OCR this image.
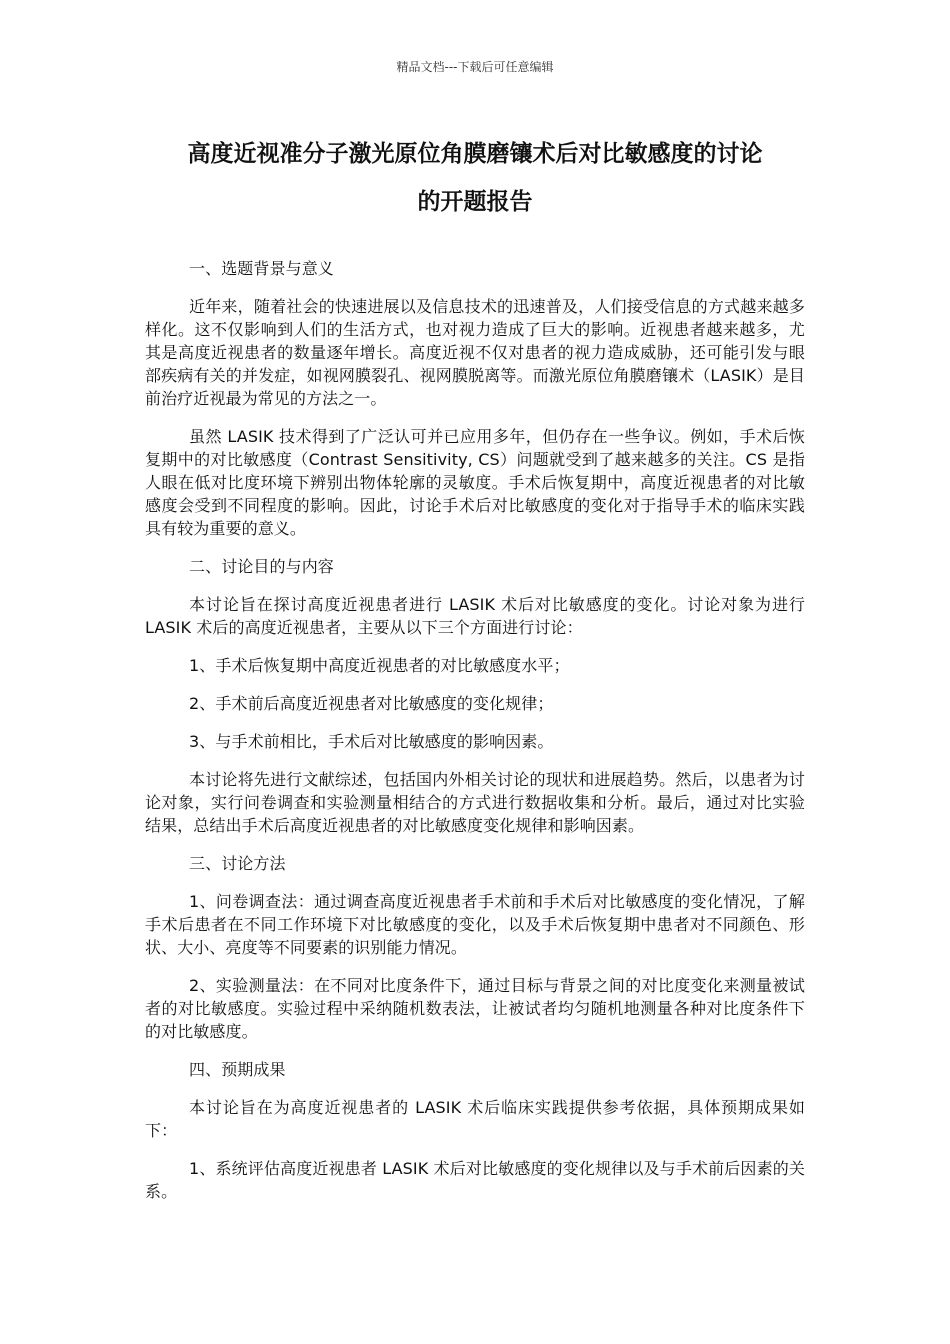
精品文档---下载后可任意编辑
高度近视准分子激光原位角膜磨镶术后对比敏感度的讨论
的开题报告

一、选题背景与意义

近年来，随着社会的快速进展以及信息技术的迅速普及，人们接受信息的方式越来越多样化。这不仅影响到人们的生活方式，也对视力造成了巨大的影响。近视患者越来越多，尤其是高度近视患者的数量逐年增长。高度近视不仅对患者的视力造成威胁，还可能引发与眼部疾病有关的并发症，如视网膜裂孔、视网膜脱离等。而激光原位角膜磨镶术（LASIK）是目前治疗近视最为常见的方法之一。

虽然 LASIK 技术得到了广泛认可并已应用多年，但仍存在一些争议。例如，手术后恢复期中的对比敏感度（Contrast Sensitivity, CS）问题就受到了越来越多的关注。CS 是指人眼在低对比度环境下辨别出物体轮廓的灵敏度。手术后恢复期中，高度近视患者的对比敏感度会受到不同程度的影响。因此，讨论手术后对比敏感度的变化对于指导手术的临床实践具有较为重要的意义。

二、讨论目的与内容

本讨论旨在探讨高度近视患者进行 LASIK 术后对比敏感度的变化。讨论对象为进行 LASIK 术后的高度近视患者，主要从以下三个方面进行讨论：

1、手术后恢复期中高度近视患者的对比敏感度水平；

2、手术前后高度近视患者对比敏感度的变化规律；

3、与手术前相比，手术后对比敏感度的影响因素。

本讨论将先进行文献综述，包括国内外相关讨论的现状和进展趋势。然后，以患者为讨论对象，实行问卷调查和实验测量相结合的方式进行数据收集和分析。最后，通过对比实验结果，总结出手术后高度近视患者的对比敏感度变化规律和影响因素。

三、讨论方法

1、问卷调查法：通过调查高度近视患者手术前和手术后对比敏感度的变化情况，了解手术后患者在不同工作环境下对比敏感度的变化，以及手术后恢复期中患者对不同颜色、形状、大小、亮度等不同要素的识别能力情况。

2、实验测量法：在不同对比度条件下，通过目标与背景之间的对比度变化来测量被试者的对比敏感度。实验过程中采纳随机数表法，让被试者均匀随机地测量各种对比度条件下的对比敏感度。

四、预期成果

本讨论旨在为高度近视患者的 LASIK 术后临床实践提供参考依据，具体预期成果如下：

1、系统评估高度近视患者 LASIK 术后对比敏感度的变化规律以及与手术前后因素的关系。
